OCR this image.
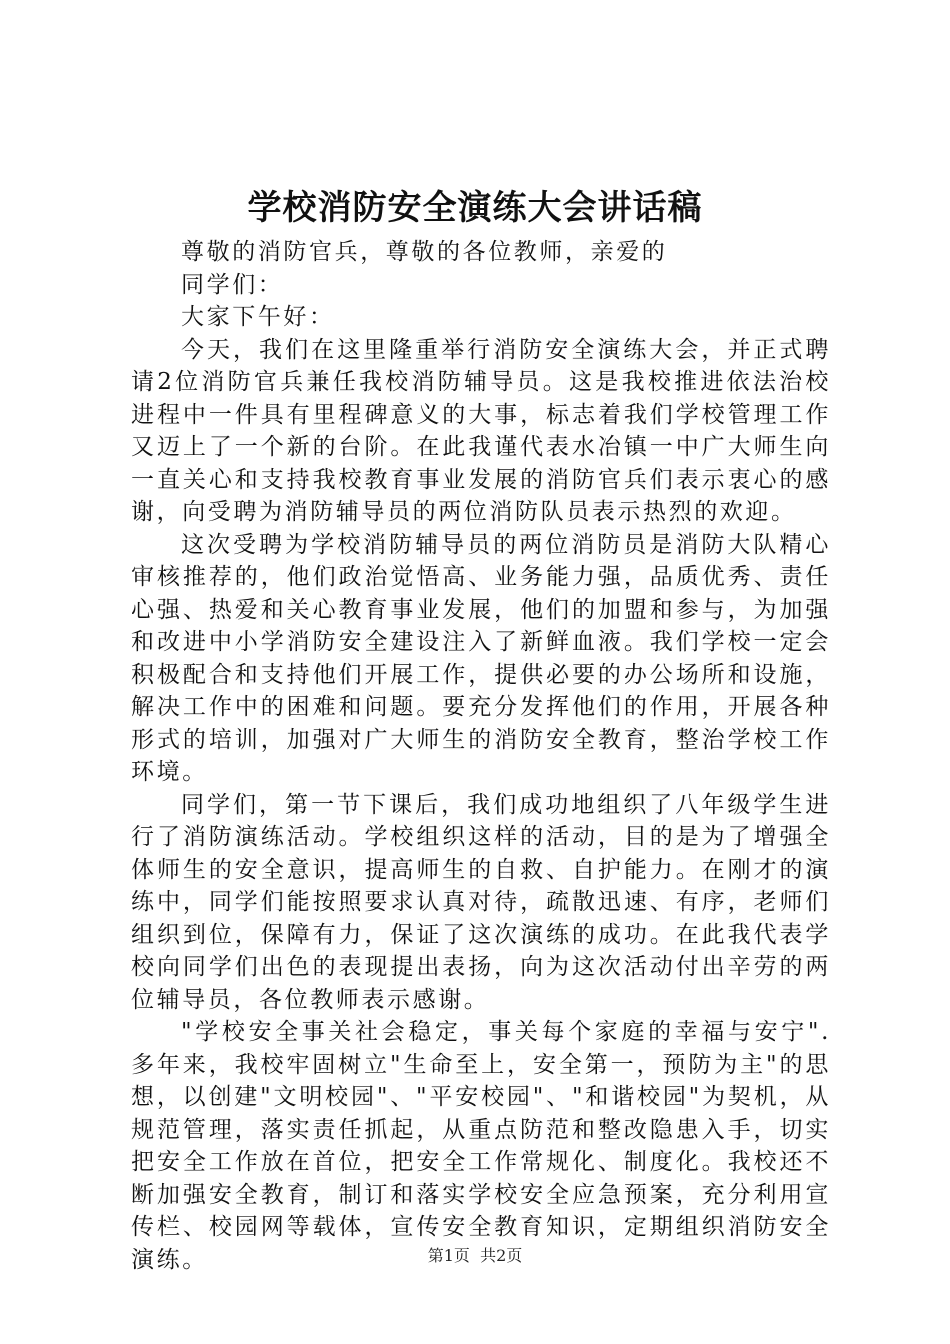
学校消防安全演练大会讲话稿

尊敬的消防官兵，尊敬的各位教师，亲爱的

同学们：

大家下午好：

今天，我们在这里隆重举行消防安全演练大会，并正式聘请2位消防官兵兼任我校消防辅导员。这是我校推进依法治校进程中一件具有里程碑意义的大事，标志着我们学校管理工作又迈上了一个新的台阶。在此我谨代表水冶镇一中广大师生向一直关心和支持我校教育事业发展的消防官兵们表示衷心的感谢，向受聘为消防辅导员的两位消防队员表示热烈的欢迎。

这次受聘为学校消防辅导员的两位消防员是消防大队精心审核推荐的，他们政治觉悟高、业务能力强，品质优秀、责任心强、热爱和关心教育事业发展，他们的加盟和参与，为加强和改进中小学消防安全建设注入了新鲜血液。我们学校一定会积极配合和支持他们开展工作，提供必要的办公场所和设施，解决工作中的困难和问题。要充分发挥他们的作用，开展各种形式的培训，加强对广大师生的消防安全教育，整治学校工作环境。

同学们，第一节下课后，我们成功地组织了八年级学生进行了消防演练活动。学校组织这样的活动，目的是为了增强全体师生的安全意识，提高师生的自救、自护能力。在刚才的演练中，同学们能按照要求认真对待，疏散迅速、有序，老师们组织到位，保障有力，保证了这次演练的成功。在此我代表学校向同学们出色的表现提出表扬，向为这次活动付出辛劳的两位辅导员，各位教师表示感谢。

"学校安全事关社会稳定，事关每个家庭的幸福与安宁".多年来，我校牢固树立"生命至上，安全第一，预防为主"的思想，以创建"文明校园"、"平安校园"、"和谐校园"为契机，从规范管理，落实责任抓起，从重点防范和整改隐患入手，切实把安全工作放在首位，把安全工作常规化、制度化。我校还不断加强安全教育，制订和落实学校安全应急预案，充分利用宣传栏、校园网等载体，宣传安全教育知识，定期组织消防安全演练。	第1页  共2页
